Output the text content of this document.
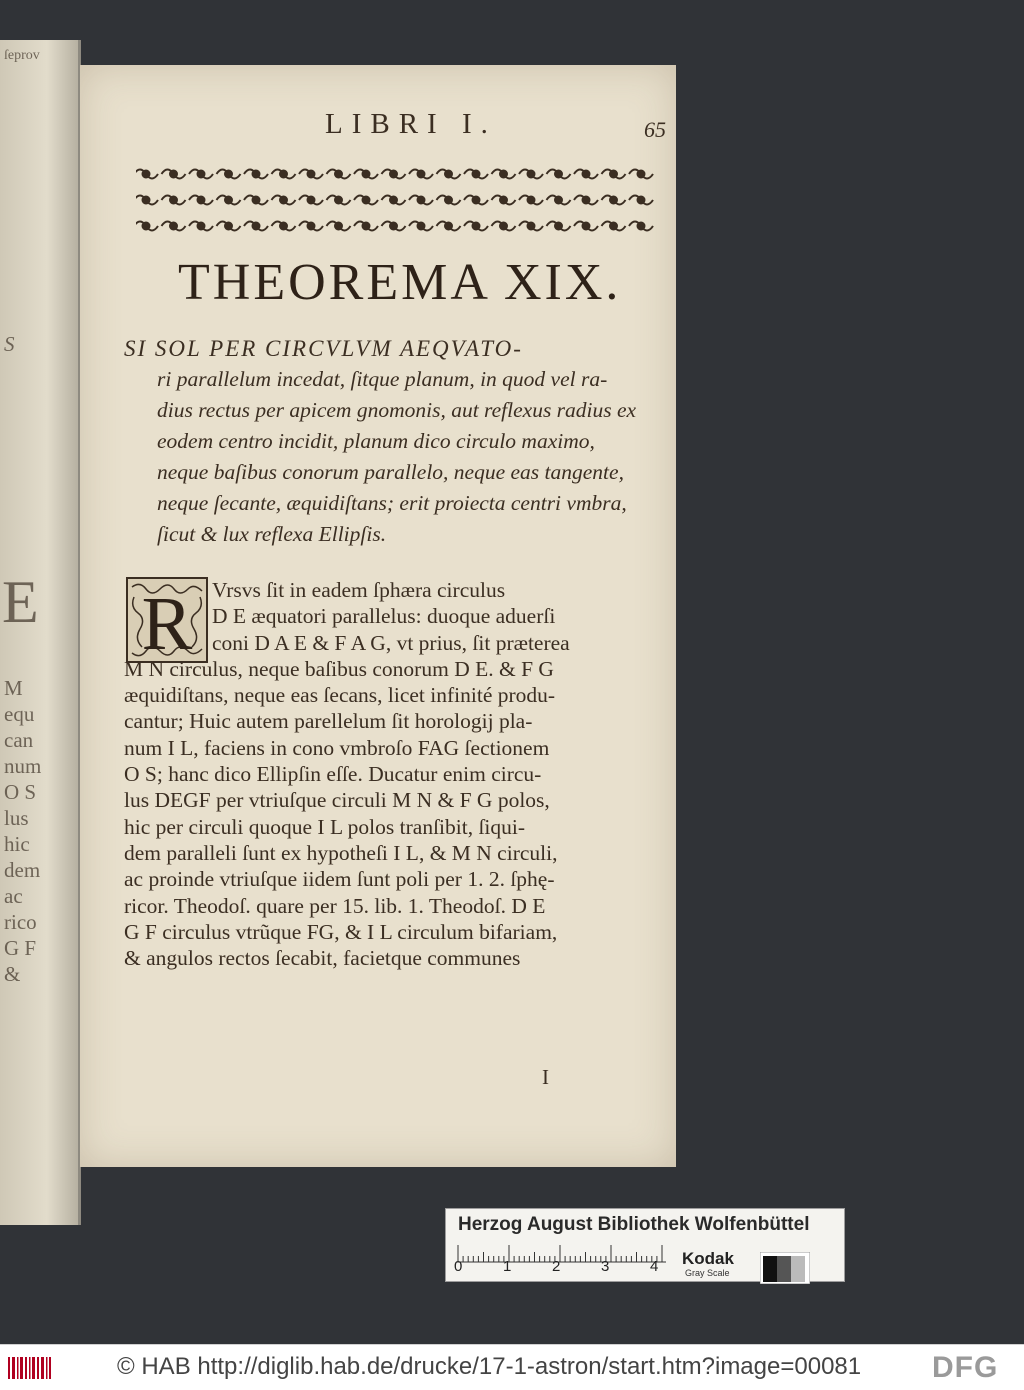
ſeprov
S
E
M
equ
can
num
O S
lus
hic
dem
ac
rico
G F
&
LIBRI I.	65
THEOREMA XIX.
SI SOL PER CIRCVLVM AEQVATO-
ri parallelum incedat, ſitque planum, in quod vel ra-
dius rectus per apicem gnomonis, aut reflexus radius ex
eodem centro incidit, planum dico circulo maximo,
neque baſibus conorum parallelo, neque eas tangente,
neque ſecante, æquidiſtans; erit proiecta centri vmbra,
ſicut & lux reflexa Ellipſis.
R Vrsvs ſit in eadem ſphæra circulus
D E æquatori parallelus: duoque aduerſi
coni D A E & F A G, vt prius, ſit præterea
M N circulus, neque baſibus conorum D E. & F G
æquidiſtans, neque eas ſecans, licet infinité produ-
cantur; Huic autem parellelum ſit horologij pla-
num I L, faciens in cono vmbroſo FAG ſectionem
O S; hanc dico Ellipſin eſſe. Ducatur enim circu-
lus DEGF per vtriuſque circuli M N & F G polos,
hic per circuli quoque I L polos tranſibit, ſiqui-
dem paralleli ſunt ex hypotheſi I L, & M N circuli,
ac proinde vtriuſque iidem ſunt poli per 1. 2. ſphę-
ricor. Theodoſ. quare per 15. lib. 1. Theodoſ. D E
G F circulus vtrũque FG, & I L circulum bifariam,
& angulos rectos ſecabit, facietque communes
I
Herzog August Bibliothek Wolfenbüttel
0	1	2	3	4 Kodak
Gray Scale
© HAB http://diglib.hab.de/drucke/17-1-astron/start.htm?image=00081 DFG
